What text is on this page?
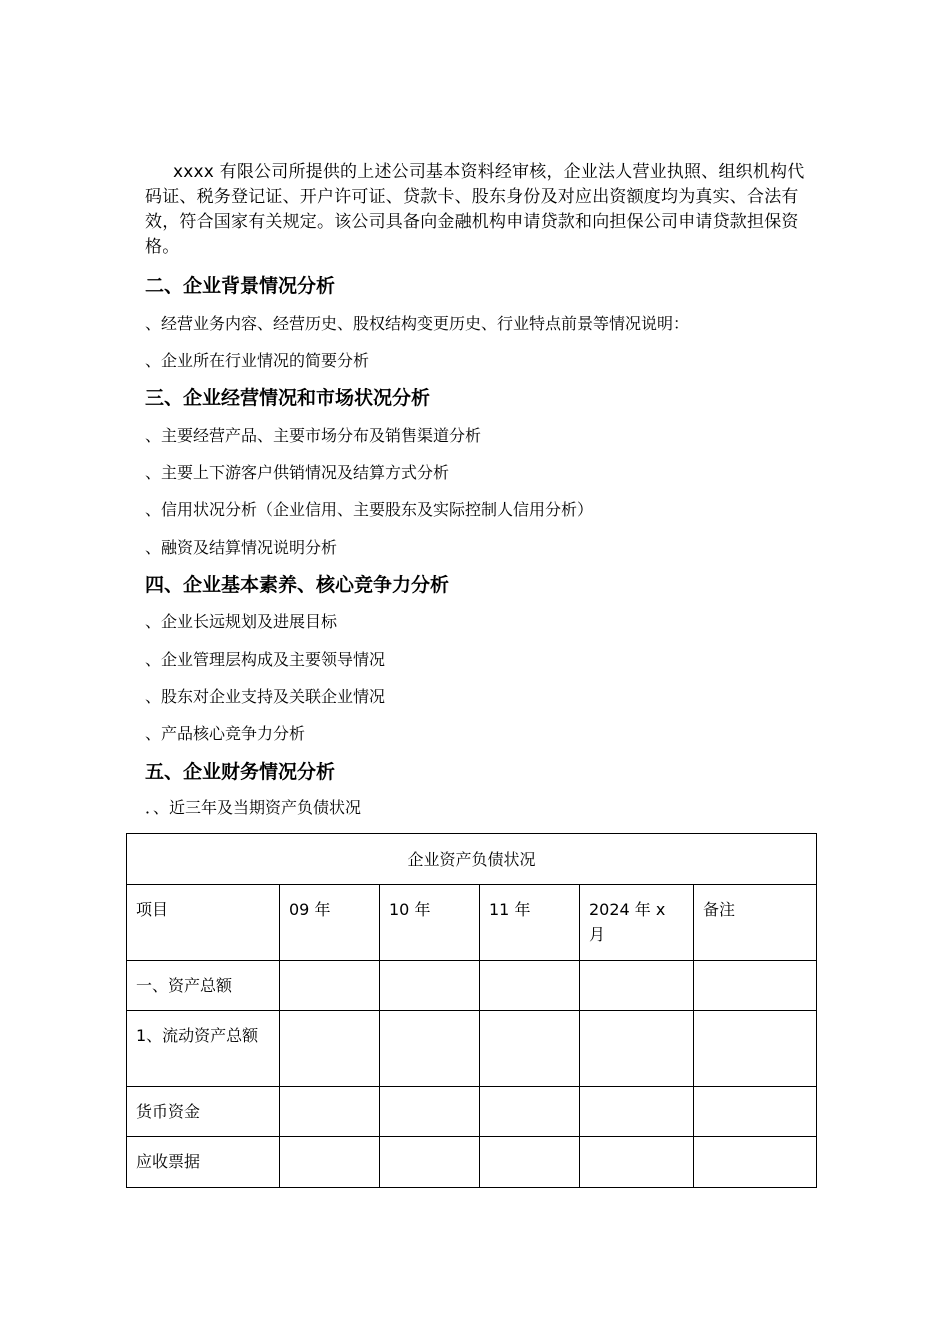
xxxx 有限公司所提供的上述公司基本资料经审核，企业法人营业执照、组织机构代码证、税务登记证、开户许可证、贷款卡、股东身份及对应出资额度均为真实、合法有效，符合国家有关规定。该公司具备向金融机构申请贷款和向担保公司申请贷款担保资格。

二、企业背景情况分析

、经营业务内容、经营历史、股权结构变更历史、行业特点前景等情况说明：

、企业所在行业情况的简要分析

三、企业经营情况和市场状况分析

、主要经营产品、主要市场分布及销售渠道分析

、主要上下游客户供销情况及结算方式分析

、信用状况分析（企业信用、主要股东及实际控制人信用分析）

、融资及结算情况说明分析

四、企业基本素养、核心竞争力分析

、企业长远规划及进展目标

、企业管理层构成及主要领导情况

、股东对企业支持及关联企业情况

、产品核心竞争力分析

五、企业财务情况分析

．、近三年及当期资产负债状况

企业资产负债状况					
项目	09 年	10 年	11 年	2024 年 x 月	备注
一、资产总额					
1、流动资产总额					
货币资金					
应收票据					
